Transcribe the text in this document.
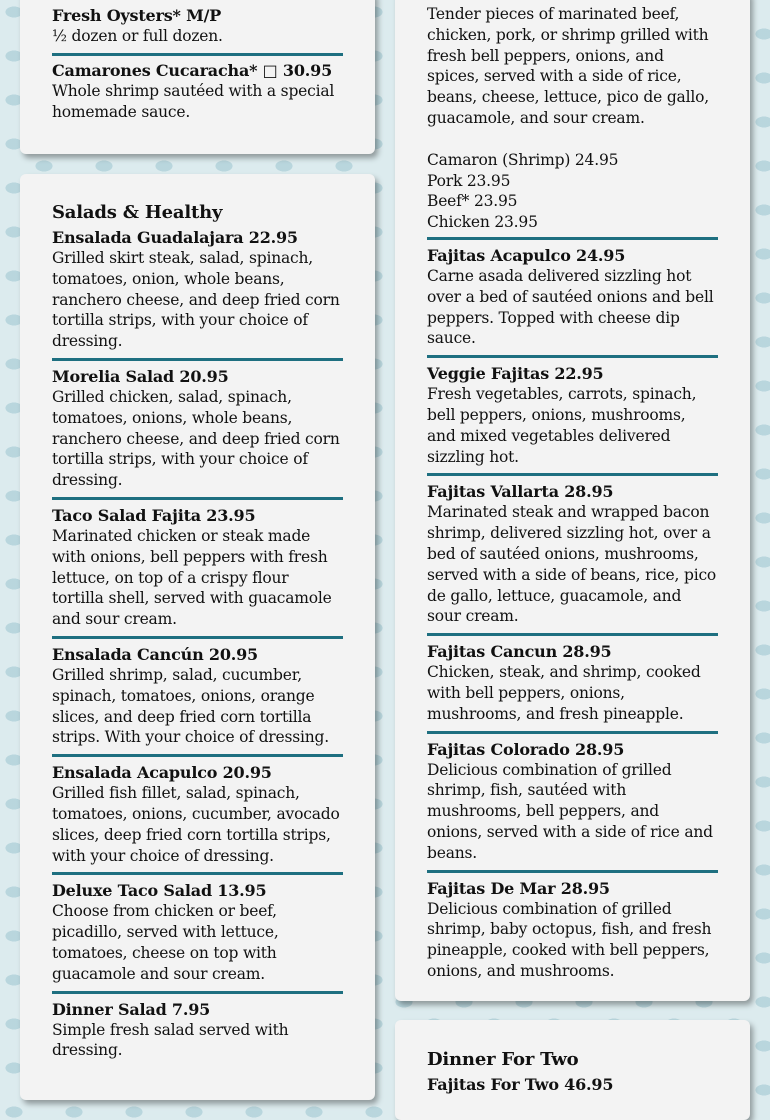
Fresh Oysters* M/P

½ dozen or full dozen.

Camarones Cucaracha* □ 30.95

Whole shrimp sautéed with a special homemade sauce.

Salads & Healthy

Ensalada Guadalajara 22.95

Grilled skirt steak, salad, spinach, tomatoes, onion, whole beans, ranchero cheese, and deep fried corn tortilla strips, with your choice of dressing.

Morelia Salad 20.95

Grilled chicken, salad, spinach, tomatoes, onions, whole beans, ranchero cheese, and deep fried corn tortilla strips, with your choice of dressing.

Taco Salad Fajita 23.95

Marinated chicken or steak made with onions, bell peppers with fresh lettuce, on top of a crispy flour tortilla shell, served with guacamole and sour cream.

Ensalada Cancún 20.95

Grilled shrimp, salad, cucumber, spinach, tomatoes, onions, orange slices, and deep fried corn tortilla strips. With your choice of dressing.

Ensalada Acapulco 20.95

Grilled fish fillet, salad, spinach, tomatoes, onions, cucumber, avocado slices, deep fried corn tortilla strips, with your choice of dressing.

Deluxe Taco Salad 13.95

Choose from chicken or beef, picadillo, served with lettuce, tomatoes, cheese on top with guacamole and sour cream.

Dinner Salad 7.95

Simple fresh salad served with dressing.

Tender pieces of marinated beef, chicken, pork, or shrimp grilled with fresh bell peppers, onions, and spices, served with a side of rice, beans, cheese, lettuce, pico de gallo, guacamole, and sour cream.

Camaron (Shrimp) 24.95

Pork 23.95

Beef* 23.95

Chicken 23.95

Fajitas Acapulco 24.95

Carne asada delivered sizzling hot over a bed of sautéed onions and bell peppers. Topped with cheese dip sauce.

Veggie Fajitas 22.95

Fresh vegetables, carrots, spinach, bell peppers, onions, mushrooms, and mixed vegetables delivered sizzling hot.

Fajitas Vallarta 28.95

Marinated steak and wrapped bacon shrimp, delivered sizzling hot, over a bed of sautéed onions, mushrooms, served with a side of beans, rice, pico de gallo, lettuce, guacamole, and sour cream.

Fajitas Cancun 28.95

Chicken, steak, and shrimp, cooked with bell peppers, onions, mushrooms, and fresh pineapple.

Fajitas Colorado 28.95

Delicious combination of grilled shrimp, fish, sautéed with mushrooms, bell peppers, and onions, served with a side of rice and beans.

Fajitas De Mar 28.95

Delicious combination of grilled shrimp, baby octopus, fish, and fresh pineapple, cooked with bell peppers, onions, and mushrooms.

Dinner For Two

Fajitas For Two 46.95
